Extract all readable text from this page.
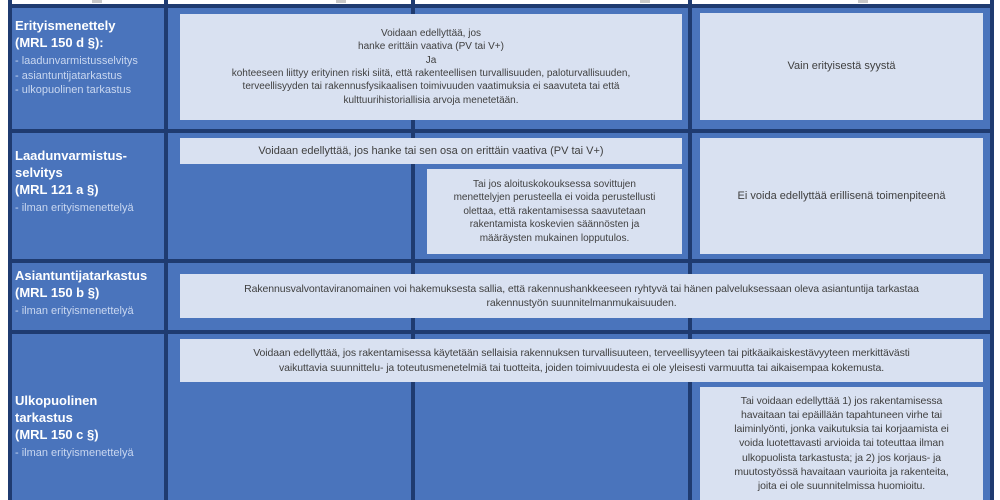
Erityismenettely
(MRL 150 d §):
- laadunvarmistusselvitys
- asiantuntijatarkastus
- ulkopuolinen tarkastus
Voidaan edellyttää, jos
hanke erittäin vaativa (PV tai V+)
Ja
kohteeseen liittyy erityinen riski siitä, että rakenteellisen turvallisuuden, paloturvallisuuden,
terveellisyyden tai rakennusfysikaalisen toimivuuden vaatimuksia ei saavuteta tai että
kulttuurihistoriallisia arvoja menetetään.
Vain erityisestä syystä
Laadunvarmistus-
selvitys
(MRL 121 a §)
- ilman erityismenettelyä
Voidaan edellyttää, jos hanke tai sen osa on erittäin vaativa (PV tai V+)
Tai jos aloituskokouksessa sovittujen
menettelyjen perusteella ei voida perustellusti
olettaa, että rakentamisessa saavutetaan
rakentamista koskevien säännösten ja
määräysten mukainen lopputulos.
Ei voida edellyttää erillisenä toimenpiteenä
Asiantuntijatarkastus
(MRL 150 b §)
- ilman erityismenettelyä
Rakennusvalvontaviranomainen voi hakemuksesta sallia, että rakennushankkeeseen ryhtyvä tai hänen palveluksessaan oleva asiantuntija tarkastaa
rakennustyön suunnitelmanmukaisuuden.
Ulkopuolinen tarkastus
(MRL 150 c §)
- ilman erityismenettelyä
Voidaan edellyttää, jos rakentamisessa käytetään sellaisia rakennuksen turvallisuuteen, terveellisyyteen tai pitkäaikaiskestävyyteen merkittävästi
vaikuttavia suunnittelu- ja toteutusmenetelmiä tai tuotteita, joiden toimivuudesta ei ole yleisesti varmuutta tai aikaisempaa kokemusta.
Tai voidaan edellyttää 1) jos rakentamisessa
havaitaan tai epäillään tapahtuneen virhe tai
laiminlyönti, jonka vaikutuksia tai korjaamista ei
voida luotettavasti arvioida tai toteuttaa ilman
ulkopuolista tarkastusta; ja 2) jos korjaus- ja
muutostyössä havaitaan vaurioita ja rakenteita,
joita ei ole suunnitelmissa huomioitu.
